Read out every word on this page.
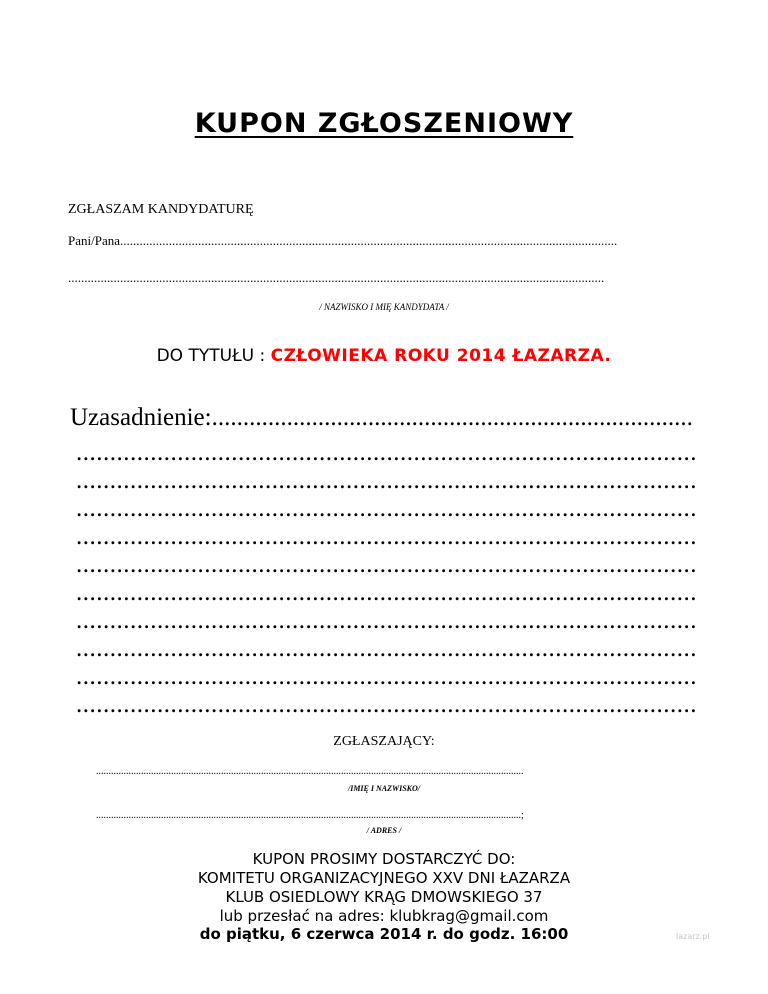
KUPON ZGŁOSZENIOWY
ZGŁASZAM KANDYDATURĘ
Pani/Pana.........................................................................................................................................................
.....................................................................................................................................................................
/ NAZWISKO I MIĘ KANDYDATA /
DO TYTUŁU : CZŁOWIEKA ROKU 2014 ŁAZARZA.
Uzasadnienie:.............................................................................
............................................................................................
............................................................................................
............................................................................................
............................................................................................
............................................................................................
............................................................................................
............................................................................................
............................................................................................
............................................................................................
............................................................................................
ZGŁASZAJĄCY:
...........................................................................................................................................................................
/IMIĘ I NAZWISKO/
..........................................................................................................................................................................;
/ ADRES /
KUPON PROSIMY DOSTARCZYĆ DO:
KOMITETU ORGANIZACYJNEGO XXV DNI ŁAZARZA
KLUB OSIEDLOWY KRĄG DMOWSKIEGO 37
lub przesłać na adres: klubkrag@gmail.com
do piątku, 6 czerwca 2014 r. do godz. 16:00	lazarz.pl
